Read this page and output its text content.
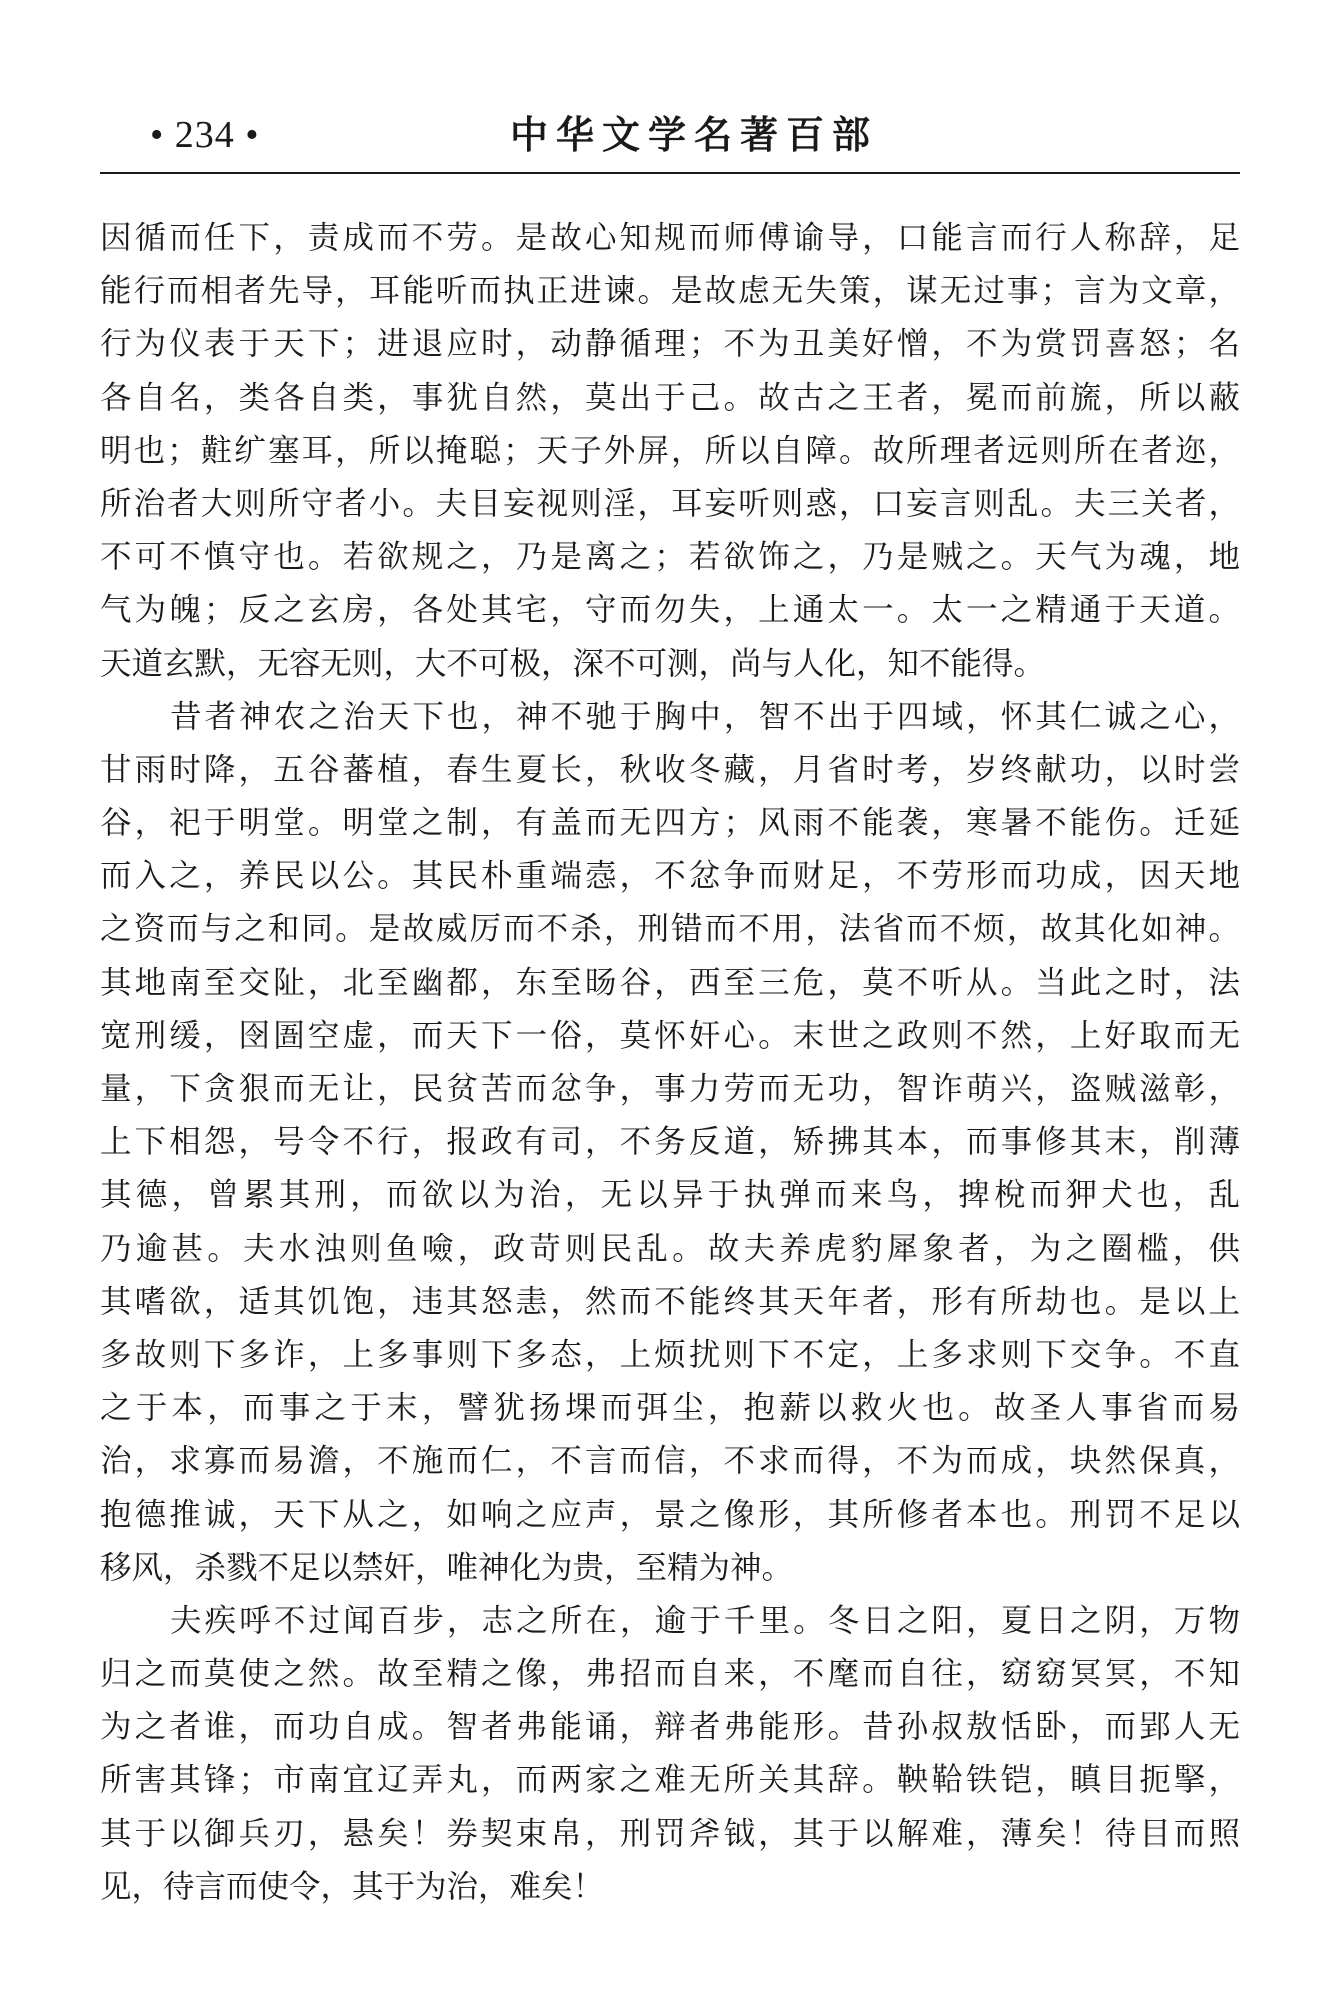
• 234 •	中华文学名著百部
因循而任下，责成而不劳。是故心知规而师傅谕导，口能言而行人称辞，足
能行而相者先导，耳能听而执正进谏。是故虑无失策，谋无过事；言为文章，
行为仪表于天下；进退应时，动静循理；不为丑美好憎，不为赏罚喜怒；名
各自名，类各自类，事犹自然，莫出于己。故古之王者，冕而前旒，所以蔽
明也；黈纩塞耳，所以掩聪；天子外屏，所以自障。故所理者远则所在者迩，
所治者大则所守者小。夫目妄视则淫，耳妄听则惑，口妄言则乱。夫三关者，
不可不慎守也。若欲规之，乃是离之；若欲饰之，乃是贼之。天气为魂，地
气为魄；反之玄房，各处其宅，守而勿失，上通太一。太一之精通于天道。
天道玄默，无容无则，大不可极，深不可测，尚与人化，知不能得。
昔者神农之治天下也，神不驰于胸中，智不出于四域，怀其仁诚之心，
甘雨时降，五谷蕃植，春生夏长，秋收冬藏，月省时考，岁终献功，以时尝
谷，祀于明堂。明堂之制，有盖而无四方；风雨不能袭，寒暑不能伤。迁延
而入之，养民以公。其民朴重端悫，不忿争而财足，不劳形而功成，因天地
之资而与之和同。是故威厉而不杀，刑错而不用，法省而不烦，故其化如神。
其地南至交阯，北至幽都，东至旸谷，西至三危，莫不听从。当此之时，法
宽刑缓，囹圄空虚，而天下一俗，莫怀奸心。末世之政则不然，上好取而无
量，下贪狠而无让，民贫苦而忿争，事力劳而无功，智诈萌兴，盗贼滋彰，
上下相怨，号令不行，报政有司，不务反道，矫拂其本，而事修其末，削薄
其德，曾累其刑，而欲以为治，无以异于执弹而来鸟，捭梲而狎犬也，乱
乃逾甚。夫水浊则鱼噞，政苛则民乱。故夫养虎豹犀象者，为之圈槛，供
其嗜欲，适其饥饱，违其怒恚，然而不能终其天年者，形有所劫也。是以上
多故则下多诈，上多事则下多态，上烦扰则下不定，上多求则下交争。不直
之于本，而事之于末，譬犹扬堁而弭尘，抱薪以救火也。故圣人事省而易
治，求寡而易澹，不施而仁，不言而信，不求而得，不为而成，块然保真，
抱德推诚，天下从之，如响之应声，景之像形，其所修者本也。刑罚不足以
移风，杀戮不足以禁奸，唯神化为贵，至精为神。
夫疾呼不过闻百步，志之所在，逾于千里。冬日之阳，夏日之阴，万物
归之而莫使之然。故至精之像，弗招而自来，不麾而自往，窈窈冥冥，不知
为之者谁，而功自成。智者弗能诵，辩者弗能形。昔孙叔敖恬卧，而郢人无
所害其锋；市南宜辽弄丸，而两家之难无所关其辞。鞅鞈铁铠，瞋目扼掔，
其于以御兵刃，悬矣！券契束帛，刑罚斧钺，其于以解难，薄矣！待目而照
见，待言而使令，其于为治，难矣！
